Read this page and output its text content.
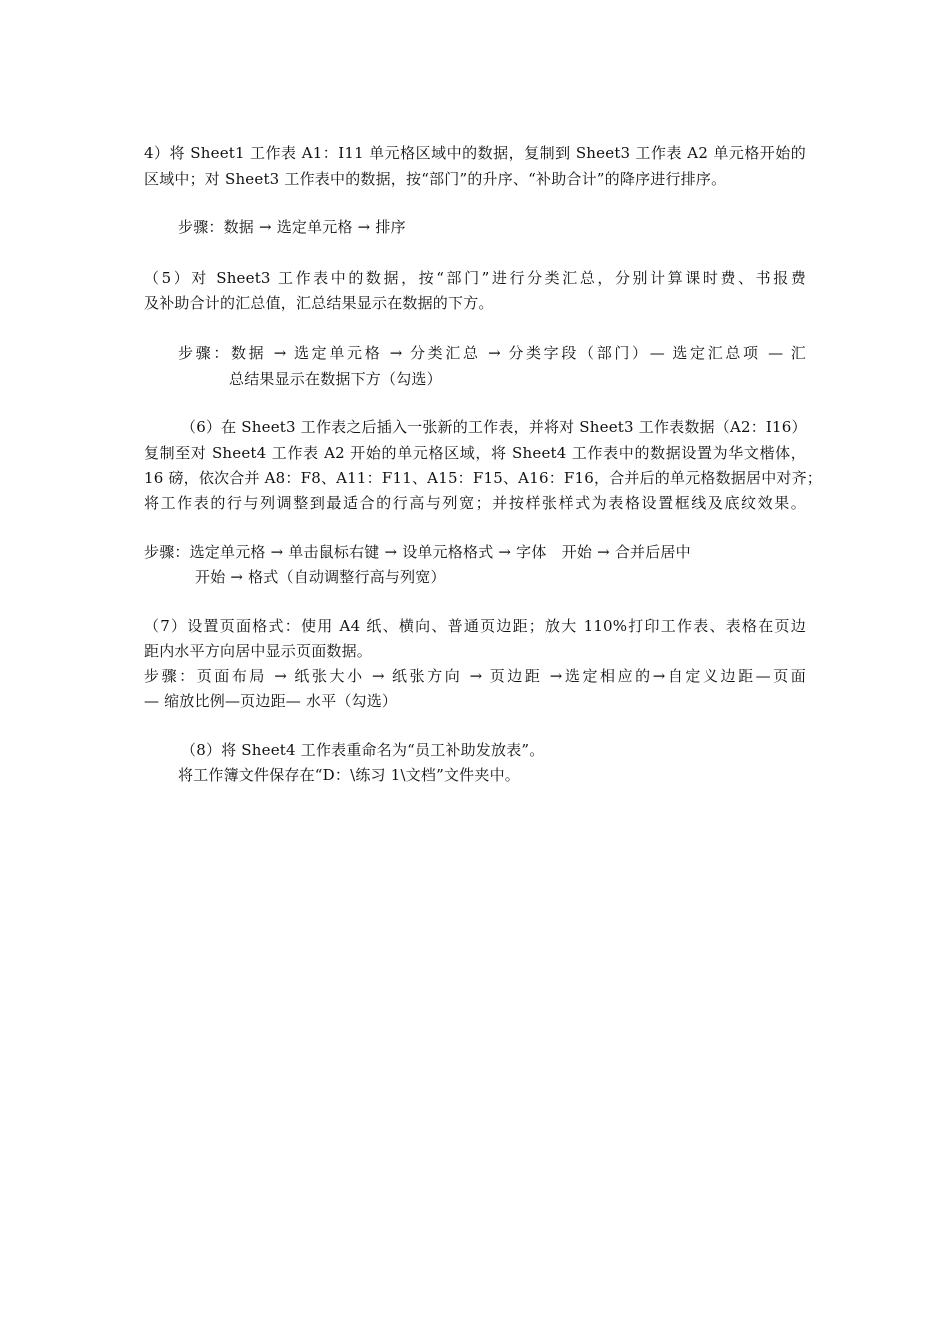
4）将 Sheet1 工作表 A1：I11 单元格区域中的数据，复制到 Sheet3 工作表 A2 单元格开始的
区域中；对 Sheet3 工作表中的数据，按“部门”的升序、“补助合计”的降序进行排序。
步骤：数据 → 选定单元格 → 排序
（5）对 Sheet3 工作表中的数据，按“部门”进行分类汇总，分别计算课时费、书报费
及补助合计的汇总值，汇总结果显示在数据的下方。
步骤：数据 → 选定单元格 → 分类汇总 → 分类字段（部门）— 选定汇总项 — 汇
总结果显示在数据下方（勾选）
（6）在 Sheet3 工作表之后插入一张新的工作表，并将对 Sheet3 工作表数据（A2：I16）
复制至对 Sheet4 工作表 A2 开始的单元格区域，将 Sheet4 工作表中的数据设置为华文楷体，
16 磅，依次合并 A8：F8、A11：F11、A15：F15、A16：F16，合并后的单元格数据居中对齐；
将工作表的行与列调整到最适合的行高与列宽；并按样张样式为表格设置框线及底纹效果。
步骤：选定单元格 → 单击鼠标右键 → 设单元格格式 → 字体　开始 → 合并后居中
开始 → 格式（自动调整行高与列宽）
（7）设置页面格式：使用 A4 纸、横向、普通页边距；放大 110%打印工作表、表格在页边
距内水平方向居中显示页面数据。
步骤：页面布局 → 纸张大小 → 纸张方向 → 页边距 →选定相应的→自定义边距—页面
— 缩放比例—页边距— 水平（勾选）
（8）将 Sheet4 工作表重命名为“员工补助发放表”。
将工作簿文件保存在“D：\练习 1\文档”文件夹中。
